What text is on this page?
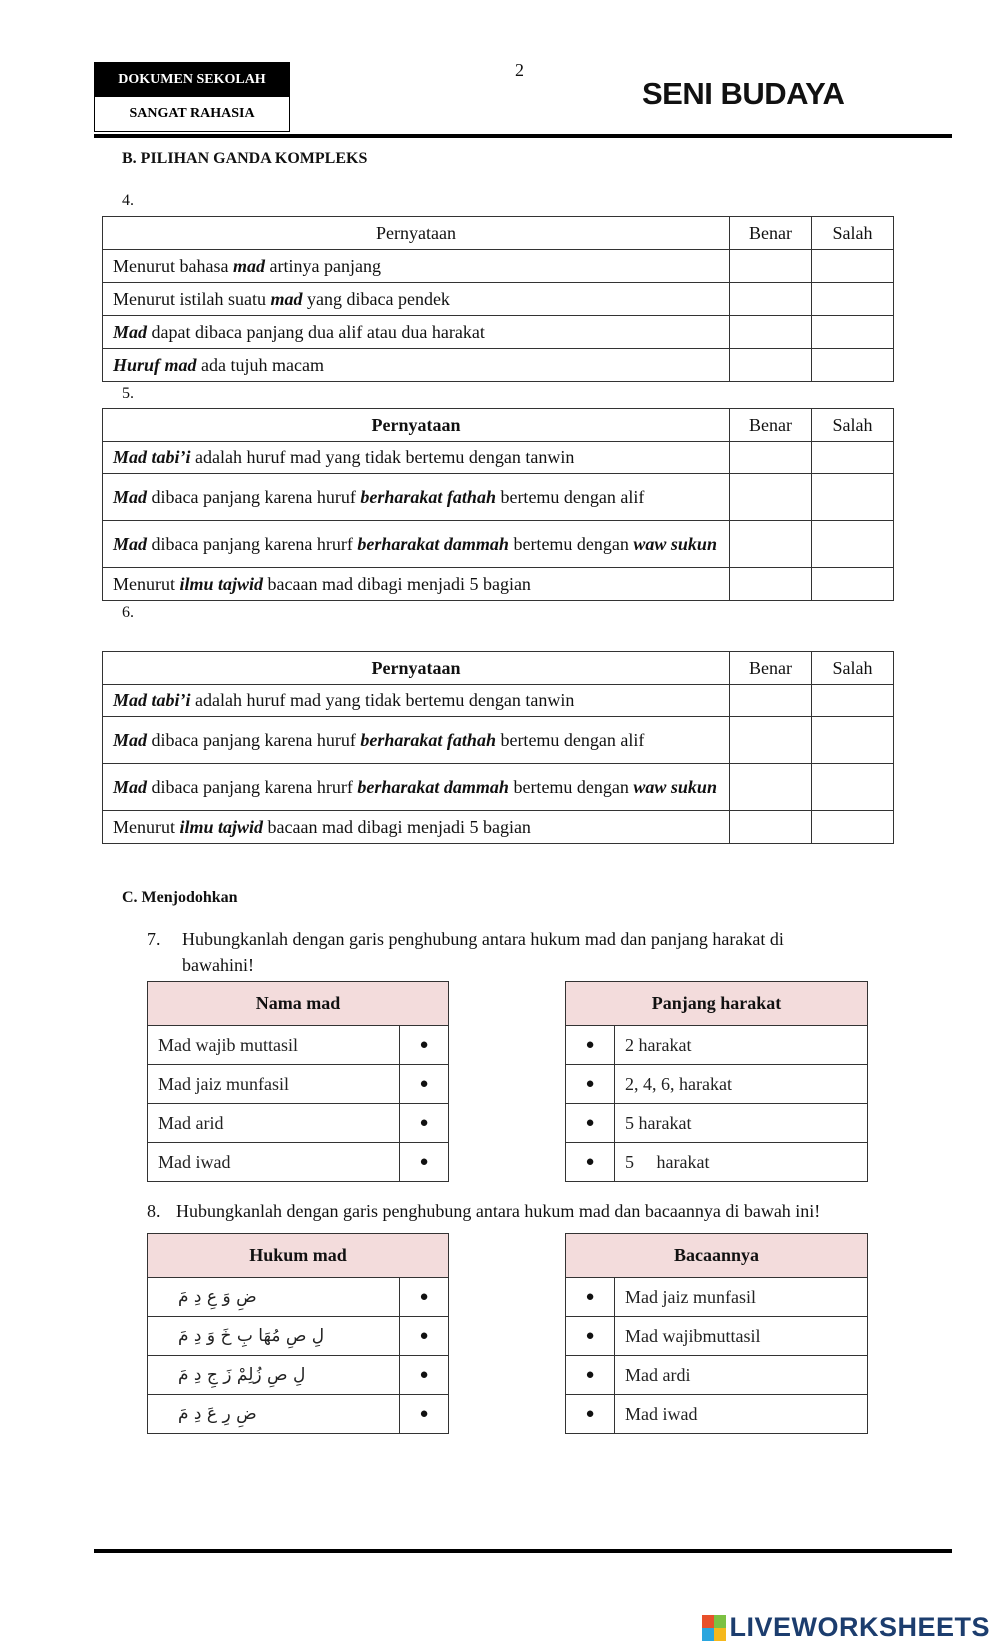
DOKUMEN SEKOLAH
SANGAT RAHASIA
2
SENI BUDAYA
B. PILIHAN GANDA KOMPLEKS
4.
Pernyataan	Benar	Salah
Menurut bahasa mad artinya panjang		
Menurut istilah suatu mad yang dibaca pendek		
Mad dapat dibaca panjang dua alif atau dua harakat		
Huruf mad ada tujuh macam		
5.
Pernyataan	Benar	Salah
Mad tabi’i adalah huruf mad yang tidak bertemu dengan tanwin		
Mad dibaca panjang karena huruf berharakat fathah bertemu dengan alif		
Mad dibaca panjang karena hrurf berharakat dammah bertemu dengan waw sukun		
Menurut ilmu tajwid bacaan mad dibagi menjadi 5 bagian		
6.
Pernyataan	Benar	Salah
Mad tabi’i adalah huruf mad yang tidak bertemu dengan tanwin		
Mad dibaca panjang karena huruf berharakat fathah bertemu dengan alif		
Mad dibaca panjang karena hrurf berharakat dammah bertemu dengan waw sukun		
Menurut ilmu tajwid bacaan mad dibagi menjadi 5 bagian		
C. Menjodohkan
7. Hubungkanlah dengan garis penghubung antara hukum mad dan panjang harakat di
bawahini!
Nama mad	
Mad wajib muttasil	●
Mad jaiz munfasil	●
Mad arid	●
Mad iwad	●
Panjang harakat	
●	2 harakat
●	2, 4, 6, harakat
●	5 harakat
●	5     harakat
8. Hubungkanlah dengan garis penghubung antara hukum mad dan bacaannya di bawah ini!
Hukum mad	
ضِ وَ عِ دِ مَ	●
لِ صِ مُهَا بِ خَ وَ دِ مَ	●
لِ صِ زُلِمْ زَ جِ دِ مَ	●
ضِ رِ عَ دِ مَ	●
Bacaannya	
●	Mad jaiz munfasil
●	Mad wajibmuttasil
●	Mad ardi
●	Mad iwad
LIVEWORKSHEETS
